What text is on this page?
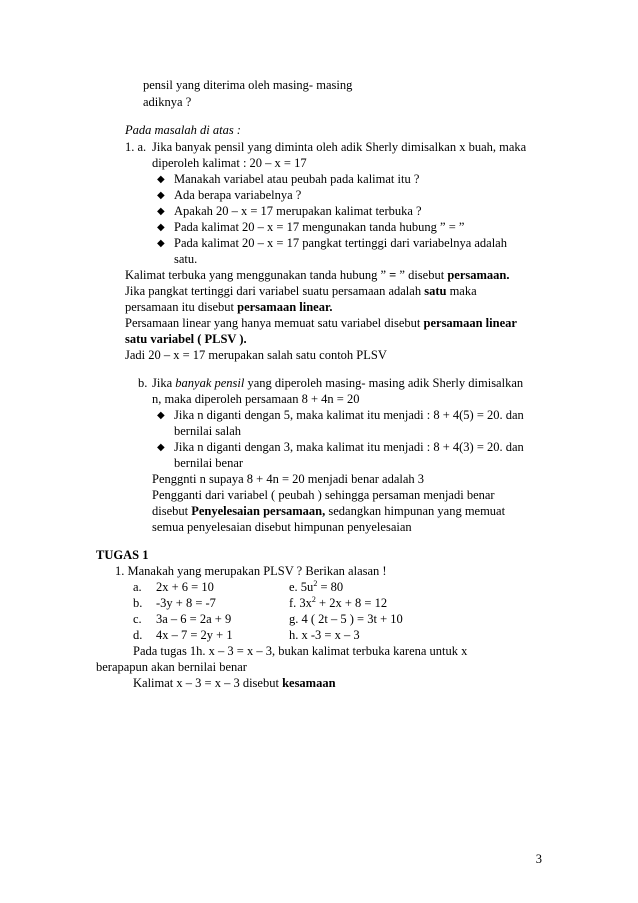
pensil yang diterima oleh masing- masing
adiknya ?
Pada masalah di atas :
1. a. Jika banyak pensil yang diminta oleh adik Sherly dimisalkan x buah, maka
diperoleh kalimat : 20 – x = 17
◆ Manakah variabel atau peubah pada kalimat itu ?
◆ Ada berapa variabelnya ?
◆ Apakah 20 – x = 17 merupakan kalimat terbuka ?
◆ Pada kalimat 20 – x = 17 mengunakan tanda hubung ” = ”
◆ Pada kalimat 20 – x = 17 pangkat tertinggi dari variabelnya adalah
satu.
Kalimat terbuka yang menggunakan tanda hubung ” = ” disebut persamaan.
Jika pangkat tertinggi dari variabel suatu persamaan adalah satu maka
persamaan itu disebut persamaan linear.
Persamaan linear yang hanya memuat satu variabel disebut persamaan linear
satu variabel ( PLSV ).
Jadi 20 – x = 17 merupakan salah satu contoh PLSV
b. Jika banyak pensil yang diperoleh masing- masing adik Sherly dimisalkan
n, maka diperoleh persamaan 8 + 4n = 20
◆ Jika n diganti dengan 5, maka kalimat itu menjadi : 8 + 4(5) = 20. dan
bernilai salah
◆ Jika n diganti dengan 3, maka kalimat itu menjadi : 8 + 4(3) = 20. dan
bernilai benar
Penggnti n supaya 8 + 4n = 20 menjadi benar adalah 3
Pengganti dari variabel ( peubah ) sehingga persaman menjadi benar
disebut Penyelesaian persamaan, sedangkan himpunan yang memuat
semua penyelesaian disebut himpunan penyelesaian
TUGAS 1
1. Manakah yang merupakan PLSV ? Berikan alasan !
a. 2x + 6 = 10
b. -3y + 8 = -7
c. 3a – 6 = 2a + 9
d. 4x – 7 = 2y + 1
e. $5u^2 = 80$
f. $3x^2 + 2x + 8 = 12$
g. 4 ( 2t – 5 ) = 3t + 10
h. x -3 = x – 3
Pada tugas 1h. x – 3 = x – 3, bukan kalimat terbuka karena untuk x
berapapun akan bernilai benar
Kalimat x – 3 = x – 3 disebut kesamaan
3
